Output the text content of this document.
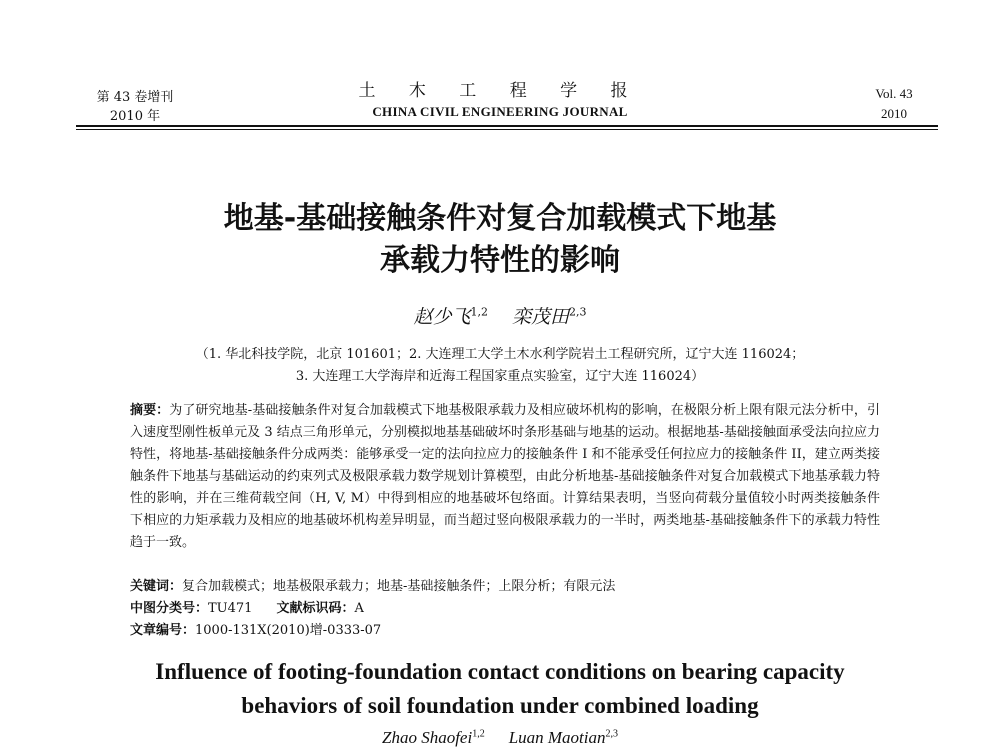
第 43 卷增刊
2010 年
土 木 工 程 学 报
CHINA CIVIL ENGINEERING JOURNAL
Vol. 43
2010
地基-基础接触条件对复合加载模式下地基
承载力特性的影响
赵少飞$^{1,2}$ 栾茂田$^{2,3}$
（1. 华北科技学院，北京 101601；2. 大连理工大学土木水利学院岩土工程研究所，辽宁大连 116024；
3. 大连理工大学海岸和近海工程国家重点实验室，辽宁大连 116024）
摘要：为了研究地基-基础接触条件对复合加载模式下地基极限承载力及相应破坏机构的影响，在极限分析上限有限元法分析中，引入速度型刚性板单元及 3 结点三角形单元，分别模拟地基基础破坏时条形基础与地基的运动。根据地基-基础接触面承受法向拉应力特性，将地基-基础接触条件分成两类：能够承受一定的法向拉应力的接触条件 I 和不能承受任何拉应力的接触条件 II，建立两类接触条件下地基与基础运动的约束列式及极限承载力数学规划计算模型，由此分析地基-基础接触条件对复合加载模式下地基承载力特性的影响，并在三维荷载空间（H, V, M）中得到相应的地基破坏包络面。计算结果表明，当竖向荷载分量值较小时两类接触条件下相应的力矩承载力及相应的地基破坏机构差异明显，而当超过竖向极限承载力的一半时，两类地基-基础接触条件下的承载力特性趋于一致。
关键词：复合加载模式；地基极限承载力；地基-基础接触条件；上限分析；有限元法
中图分类号：TU471 文献标识码：A
文章编号：1000-131X(2010)增-0333-07
Influence of footing-foundation contact conditions on bearing capacity
behaviors of soil foundation under combined loading
Zhao Shaofei$^{1,2}$ Luan Maotian$^{2,3}$
